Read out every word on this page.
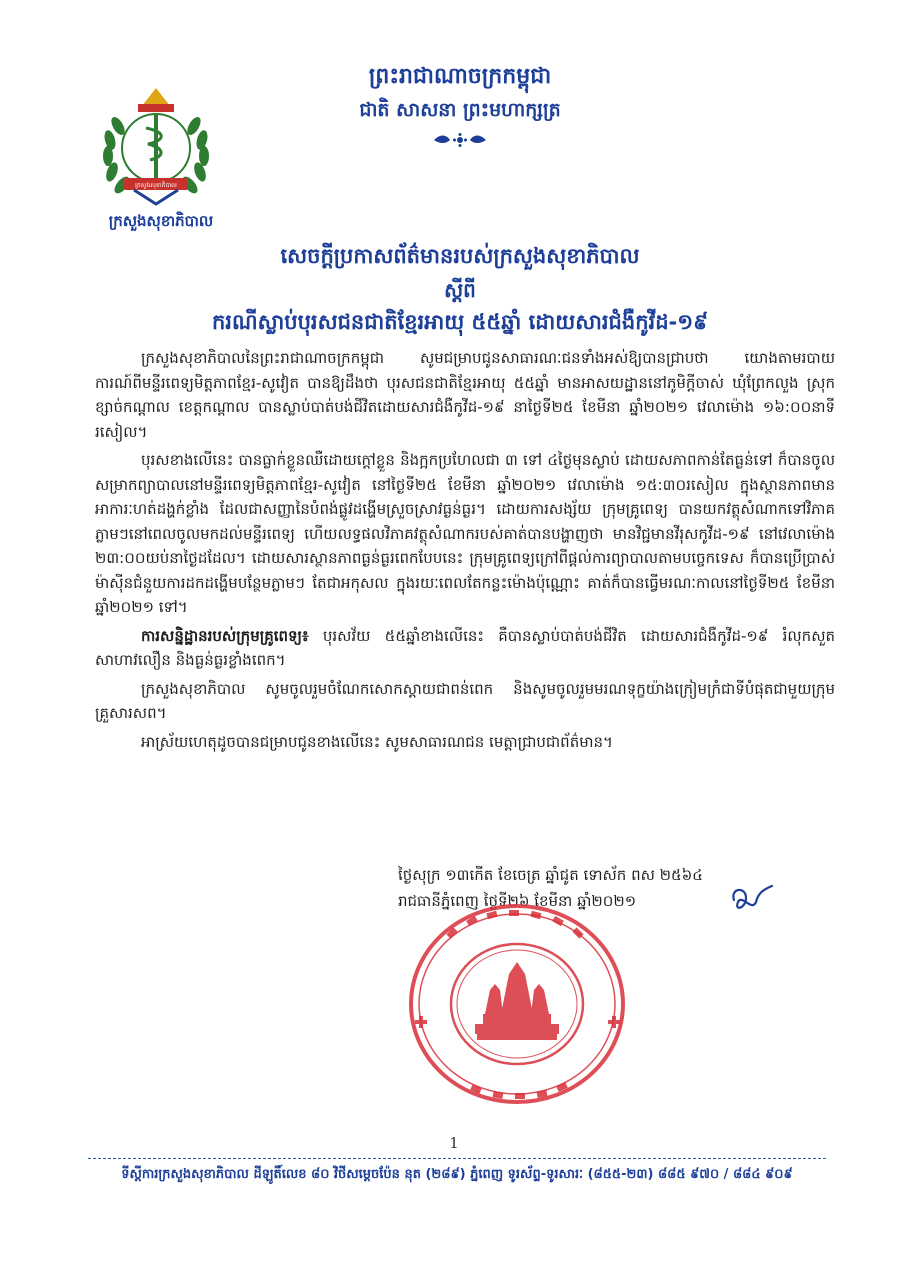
ក្រសួងសុខាភិបាល
ក្រសួងសុខាភិបាល
ព្រះរាជាណាចក្រកម្ពុជា
ជាតិ សាសនា ព្រះមហាក្សត្រ
សេចក្តីប្រកាសព័ត៌មានរបស់ក្រសួងសុខាភិបាល
ស្តីពី
ករណីស្លាប់បុរសជនជាតិខ្មែរអាយុ ៥៥ឆ្នាំ ដោយសារជំងឺកូវីដ-១៩

ក្រសួងសុខាភិបាលនៃព្រះរាជាណាចក្រកម្ពុជា សូមជម្រាបជូនសាធារណៈជនទាំងអស់ឱ្យបានជ្រាបថា យោងតាមរបាយការណ៍ពីមន្ទីរពេទ្យមិត្តភាពខ្មែរ-សូវៀត បានឱ្យដឹងថា បុរសជនជាតិខ្មែរអាយុ ៥៥ឆ្នាំ មានអាសយដ្ឋាននៅភូមិក្តីចាស់ ឃុំព្រែកលួង ស្រុកខ្សាច់កណ្តាល ខេត្តកណ្តាល បានស្លាប់បាត់បង់ជីវិតដោយសារជំងឺកូវីដ-១៩ នាថ្ងៃទី២៥ ខែមីនា ឆ្នាំ២០២១ វេលាម៉ោង ១៦:០០នាទីរសៀល។

បុរសខាងលើនេះ បានធ្លាក់ខ្លួនឈឺដោយក្តៅខ្លួន និងក្អកប្រហែលជា ៣ ទៅ ៤ថ្ងៃមុនស្លាប់ ដោយសភាពកាន់តែធ្ងន់ទៅ ក៏បានចូលសម្រាកព្យាបាលនៅមន្ទីរពេទ្យមិត្តភាពខ្មែរ-សូវៀត នៅថ្ងៃទី២៥ ខែមីនា ឆ្នាំ២០២១ វេលាម៉ោង ១៥:៣០រសៀល ក្នុងស្ថានភាពមានអាការៈហត់ដង្ហក់ខ្លាំង ដែលជាសញ្ញានៃបំពង់ផ្លូវដង្ហើមស្រួចស្រាវធ្ងន់ធ្ងរ។ ដោយការសង្ស័យ ក្រុមគ្រូពេទ្យ បានយកវត្ថុសំណាកទៅវិភាគភ្លាមៗនៅពេលចូលមកដល់មន្ទីរពេទ្យ ហើយលទ្ធផលវិភាគវត្ថុសំណាករបស់គាត់បានបង្ហាញថា មានវិជ្ជមានវីរុសកូវីដ-១៩ នៅវេលាម៉ោង ២៣:០០យប់នាថ្ងៃដដែល។ ដោយសារស្ថានភាពធ្ងន់ធ្ងរពេកបែបនេះ ក្រុមគ្រូពេទ្យក្រៅពីផ្តល់ការព្យាបាលតាមបច្ចេកទេស ក៏បានប្រើប្រាស់ម៉ាស៊ីនជំនួយការដកដង្ហើមបន្ថែមភ្លាមៗ តែជាអកុសល ក្នុងរយៈពេលតែកន្លះម៉ោងប៉ុណ្ណោះ គាត់ក៏បានធ្វើមរណៈកាលនៅថ្ងៃទី២៥ ខែមីនា ឆ្នាំ២០២១ ទៅ។

ការសន្និដ្ឋានរបស់ក្រុមគ្រូពេទ្យ៖ បុរសវ័យ ៥៥ឆ្នាំខាងលើនេះ គឺបានស្លាប់បាត់បង់ជីវិត ដោយសារជំងឺកូវីដ-១៩ រំលុកសួតសាហាវលឿន និងធ្ងន់ធ្ងរខ្លាំងពេក។

ក្រសួងសុខាភិបាល សូមចូលរួមចំណែកសោកស្តាយជាពន់ពេក និងសូមចូលរួមមរណទុក្ខយ៉ាងក្រៀមក្រំជាទីបំផុតជាមួយក្រុមគ្រួសារសព។

អាស្រ័យហេតុដូចបានជម្រាបជូនខាងលើនេះ សូមសាធារណជន មេត្តាជ្រាបជាព័ត៌មាន។

ថ្ងៃសុក្រ ១៣កើត ខែចេត្រ ឆ្នាំជូត ទោស័ក ពស ២៥៦៤
រាជធានីភ្នំពេញ ថ្ងៃទី២៦ ខែមីនា ឆ្នាំ២០២១
1
ទីស្តីការក្រសួងសុខាភិបាល ដីឡូតិ៍លេខ ៨០ វិថីសម្តេចប៉ែន នុត (២៨៩) ភ្នំពេញ ទូរស័ព្ទ-ទូរសារៈ (៨៥៥-២៣) ៨៨៥ ៩៧០ / ៨៨៤ ៩០៩
